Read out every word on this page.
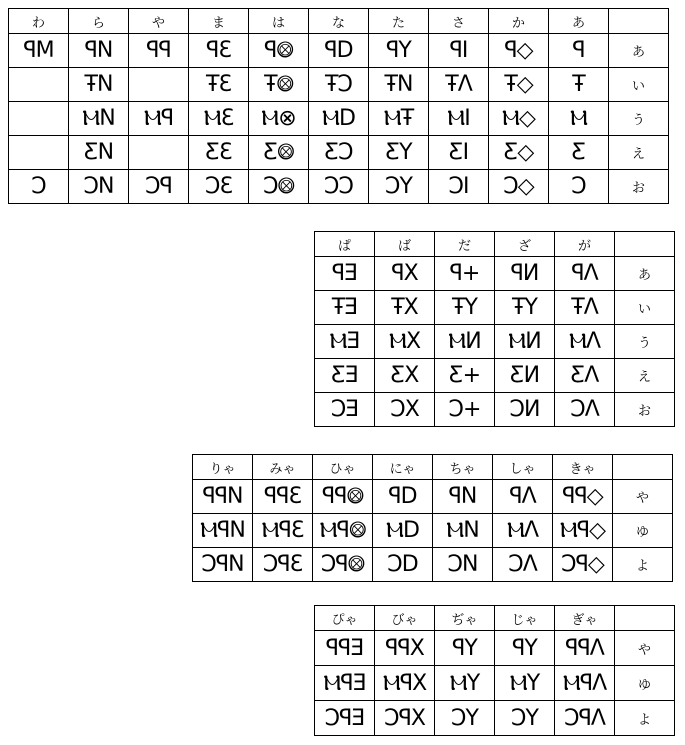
わ	ら	や	ま	は	な	た	さ	か	あ	
ꟼΜ	ꟼΝ	ꟼꟼ	ꟼƐ	ꟼ⨷	ꟼD	ꟼY	ꟼI	ꟼ◇	ꟼ	あ
	ŦΝ		ŦƐ	Ŧ⨷	ŦϽ	ŦΝ	ŦΛ	Ŧ◇	Ŧ	い
	ⲘΝ	Ⲙꟼ	ⲘƐ	Ⲙ⊗	ⲘD	ⲘŦ	ⲘI	Ⲙ◇	Ⲙ	う
	ƸΝ		ƸƐ	Ƹ⨷	ƸϽ	ƸY	ƸI	Ƹ◇	Ƹ	え
Ͻ	ϽΝ	Ͻꟼ	ϽƐ	Ͻ⨷	ϽϽ	ϽY	ϽI	Ͻ◇	Ͻ	お
ぱ	ば	だ	ざ	が	
ꟼƎ	ꟼX	ꟼ+	ꟼИ	ꟼΛ	あ
ŦƎ	ŦX	ŦY	ŦY	ŦΛ	い
ⲘƎ	ⲘX	ⲘИ	ⲘИ	ⲘΛ	う
ƸƎ	ƸX	Ƹ+	ƸИ	ƸΛ	え
ϽƎ	ϽX	Ͻ+	ϽИ	ϽΛ	お
りゃ	みゃ	ひゃ	にゃ	ちゃ	しゃ	きゃ	
ꟼꟼΝ	ꟼꟼƐ	ꟼꟼ⨷	ꟼD	ꟼΝ	ꟼΛ	ꟼꟼ◇	や
ⲘꟼΝ	ⲘꟼƐ	Ⲙꟼ⨷	ⲘD	ⲘΝ	ⲘΛ	Ⲙꟼ◇	ゆ
ϽꟼΝ	ϽꟼƐ	Ͻꟼ⨷	ϽD	ϽΝ	ϽΛ	Ͻꟼ◇	よ
ぴゃ	びゃ	ぢゃ	じゃ	ぎゃ	
ꟼꟼƎ	ꟼꟼX	ꟼY	ꟼY	ꟼꟼΛ	や
ⲘꟼƎ	ⲘꟼX	ⲘY	ⲘY	ⲘꟼΛ	ゆ
ϽꟼƎ	ϽꟼX	ϽY	ϽY	ϽꟼΛ	よ
